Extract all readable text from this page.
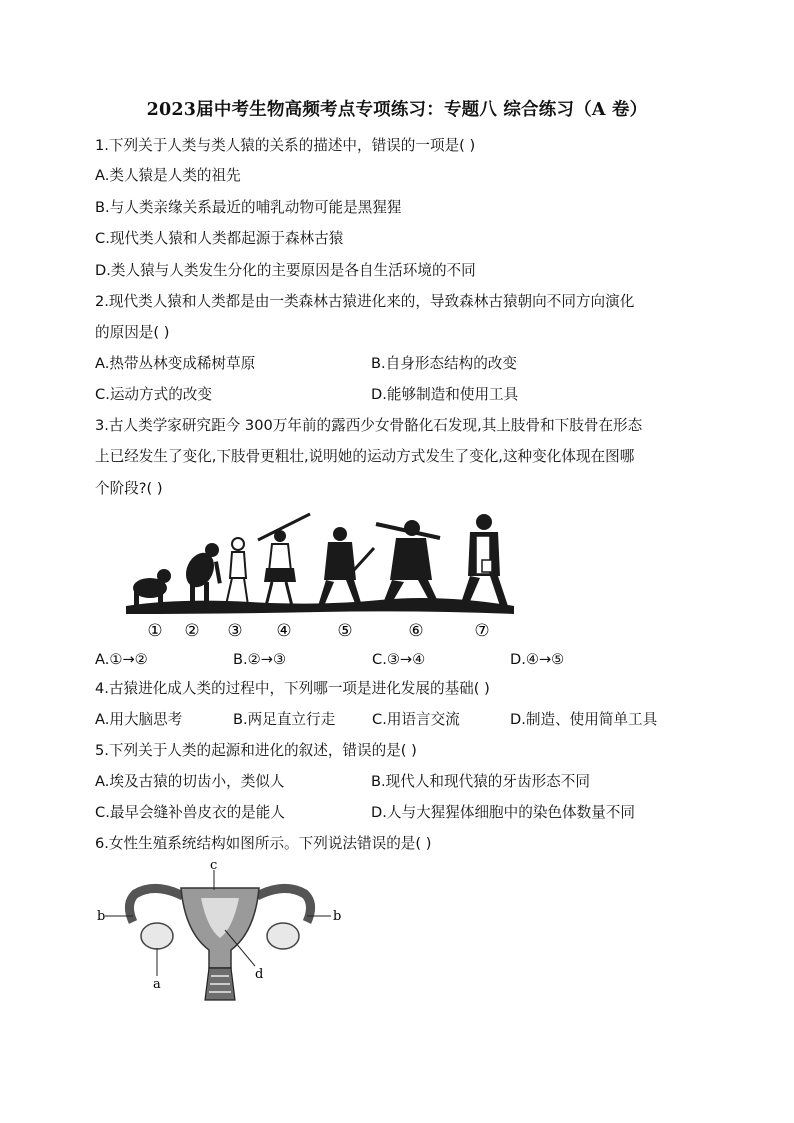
2023届中考生物高频考点专项练习：专题八 综合练习（A 卷）
1.下列关于人类与类人猿的关系的描述中，错误的一项是( )
A.类人猿是人类的祖先
B.与人类亲缘关系最近的哺乳动物可能是黑猩猩
C.现代类人猿和人类都起源于森林古猿
D.类人猿与人类发生分化的主要原因是各自生活环境的不同
2.现代类人猿和人类都是由一类森林古猿进化来的，导致森林古猿朝向不同方向演化
的原因是( )
A.热带丛林变成稀树草原	B.自身形态结构的改变
C.运动方式的改变	D.能够制造和使用工具
3.古人类学家研究距今 300万年前的露西少女骨骼化石发现,其上肢骨和下肢骨在形态
上已经发生了变化,下肢骨更粗壮,说明她的运动方式发生了变化,这种变化体现在图哪
个阶段?( )
① ② ③ ④	⑤	⑥	⑦
A.①→②	B.②→③	C.③→④	D.④→⑤
4.古猿进化成人类的过程中，下列哪一项是进化发展的基础( )
A.用大脑思考	B.两足直立行走	C.用语言交流	D.制造、使用简单工具
5.下列关于人类的起源和进化的叙述，错误的是( )
A.埃及古猿的切齿小，类似人	B.现代人和现代猿的牙齿形态不同
C.最早会缝补兽皮衣的是能人	D.人与大猩猩体细胞中的染色体数量不同
6.女性生殖系统结构如图所示。下列说法错误的是( )
c
b	b
a
d
